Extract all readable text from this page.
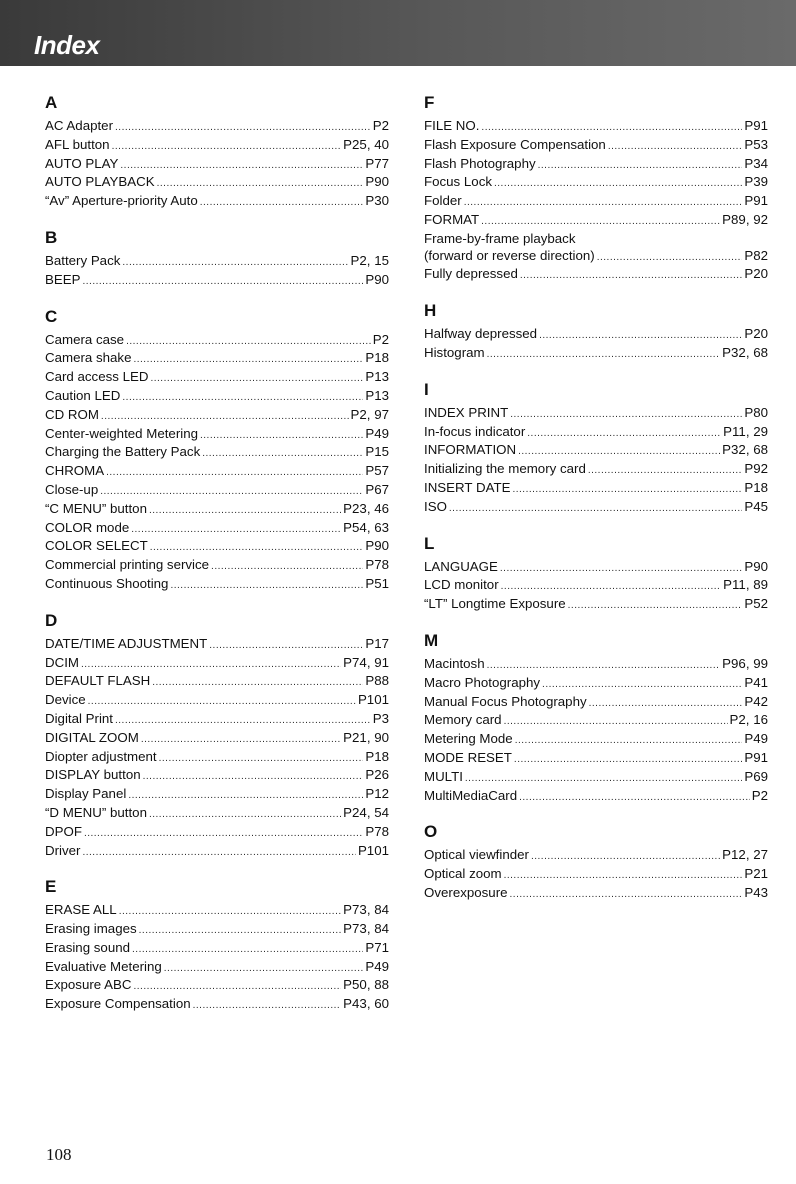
Index
A
AC Adapter .....	P2
AFL button .....	P25, 40
AUTO PLAY .....	P77
AUTO PLAYBACK .....	P90
“Av” Aperture-priority Auto .....	P30
B
Battery Pack .....	P2, 15
BEEP .....	P90
C
Camera case .....	P2
Camera shake .....	P18
Card access LED .....	P13
Caution LED .....	P13
CD ROM .....	P2, 97
Center-weighted Metering .....	P49
Charging the Battery Pack .....	P15
CHROMA .....	P57
Close-up .....	P67
“C MENU” button .....	P23, 46
COLOR mode .....	P54, 63
COLOR SELECT .....	P90
Commercial printing service .....	P78
Continuous Shooting .....	P51
D
DATE/TIME ADJUSTMENT .....	P17
DCIM .....	P74, 91
DEFAULT FLASH .....	P88
Device .....	P101
Digital Print .....	P3
DIGITAL ZOOM .....	P21, 90
Diopter adjustment .....	P18
DISPLAY button .....	P26
Display Panel .....	P12
“D MENU” button .....	P24, 54
DPOF .....	P78
Driver .....	P101
E
ERASE ALL .....	P73, 84
Erasing images .....	P73, 84
Erasing sound .....	P71
Evaluative Metering .....	P49
Exposure ABC .....	P50, 88
Exposure Compensation .....	P43, 60
F
FILE NO. .....	P91
Flash Exposure Compensation .....	P53
Flash Photography .....	P34
Focus Lock .....	P39
Folder .....	P91
FORMAT .....	P89, 92
Frame-by-frame playback
(forward or reverse direction) .....	P82
Fully depressed .....	P20
H
Halfway depressed .....	P20
Histogram .....	P32, 68
I
INDEX PRINT .....	P80
In-focus indicator .....	P11, 29
INFORMATION .....	P32, 68
Initializing the memory card .....	P92
INSERT DATE .....	P18
ISO .....	P45
L
LANGUAGE .....	P90
LCD monitor .....	P11, 89
“LT” Longtime Exposure .....	P52
M
Macintosh .....	P96, 99
Macro Photography .....	P41
Manual Focus Photography .....	P42
Memory card .....	P2, 16
Metering Mode .....	P49
MODE RESET .....	P91
MULTI .....	P69
MultiMediaCard .....	P2
O
Optical viewfinder .....	P12, 27
Optical zoom .....	P21
Overexposure .....	P43
108
